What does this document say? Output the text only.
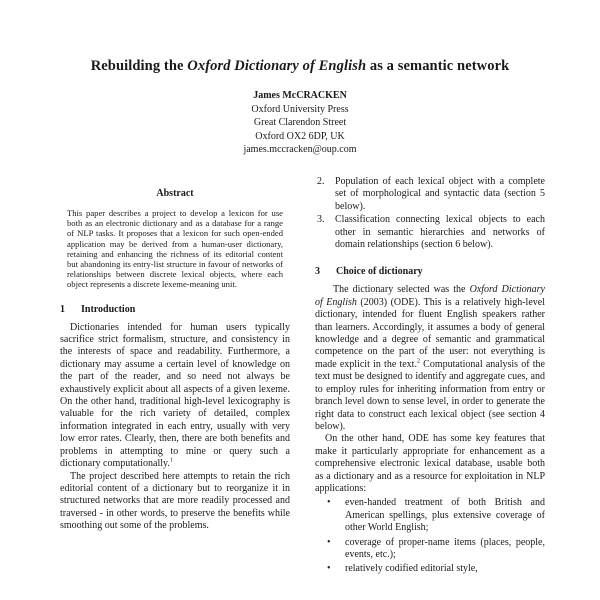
Rebuilding the Oxford Dictionary of English as a semantic network
James McCRACKEN
Oxford University Press
Great Clarendon Street
Oxford OX2 6DP, UK
james.mccracken@oup.com
Abstract
This paper describes a project to develop a lexicon for use both as an electronic dictionary and as a database for a range of NLP tasks. It proposes that a lexicon for such open-ended application may be derived from a human-user dictionary, retaining and enhancing the richness of its editorial content but abandoning its entry-list structure in favour of networks of relationships between discrete lexical objects, where each object represents a discrete lexeme-meaning unit.
1 Introduction

Dictionaries intended for human users typically sacrifice strict formalism, structure, and consistency in the interests of space and readability. Furthermore, a dictionary may assume a certain level of knowledge on the part of the reader, and so need not always be exhaustively explicit about all aspects of a given lexeme. On the other hand, traditional high-level lexicography is valuable for the rich variety of detailed, complex information integrated in each entry, usually with very low error rates. Clearly, then, there are both benefits and problems in attempting to mine or query such a dictionary computationally.$^1$

The project described here attempts to retain the rich editorial content of a dictionary but to reorganize it in structured networks that are more readily processed and traversed - in other words, to preserve the benefits while smoothing out some of the problems.

2. Population of each lexical object with a complete set of morphological and syntactic data (section 5 below).
3. Classification connecting lexical objects to each other in semantic hierarchies and networks of domain relationships (section 6 below).
3 Choice of dictionary

The dictionary selected was the Oxford Dictionary of English (2003) (ODE). This is a relatively high-level dictionary, intended for fluent English speakers rather than learners. Accordingly, it assumes a body of general knowledge and a degree of semantic and grammatical competence on the part of the user: not everything is made explicit in the text.$^2$ Computational analysis of the text must be designed to identify and aggregate cues, and to employ rules for inheriting information from entry or branch level down to sense level, in order to generate the right data to construct each lexical object (see section 4 below).

On the other hand, ODE has some key features that make it particularly appropriate for enhancement as a comprehensive electronic lexical database, usable both as a dictionary and as a resource for exploitation in NLP applications:

• even-handed treatment of both British and American spellings, plus extensive coverage of other World English;
• coverage of proper-name items (places, people, events, etc.);
• relatively codified editorial style,
